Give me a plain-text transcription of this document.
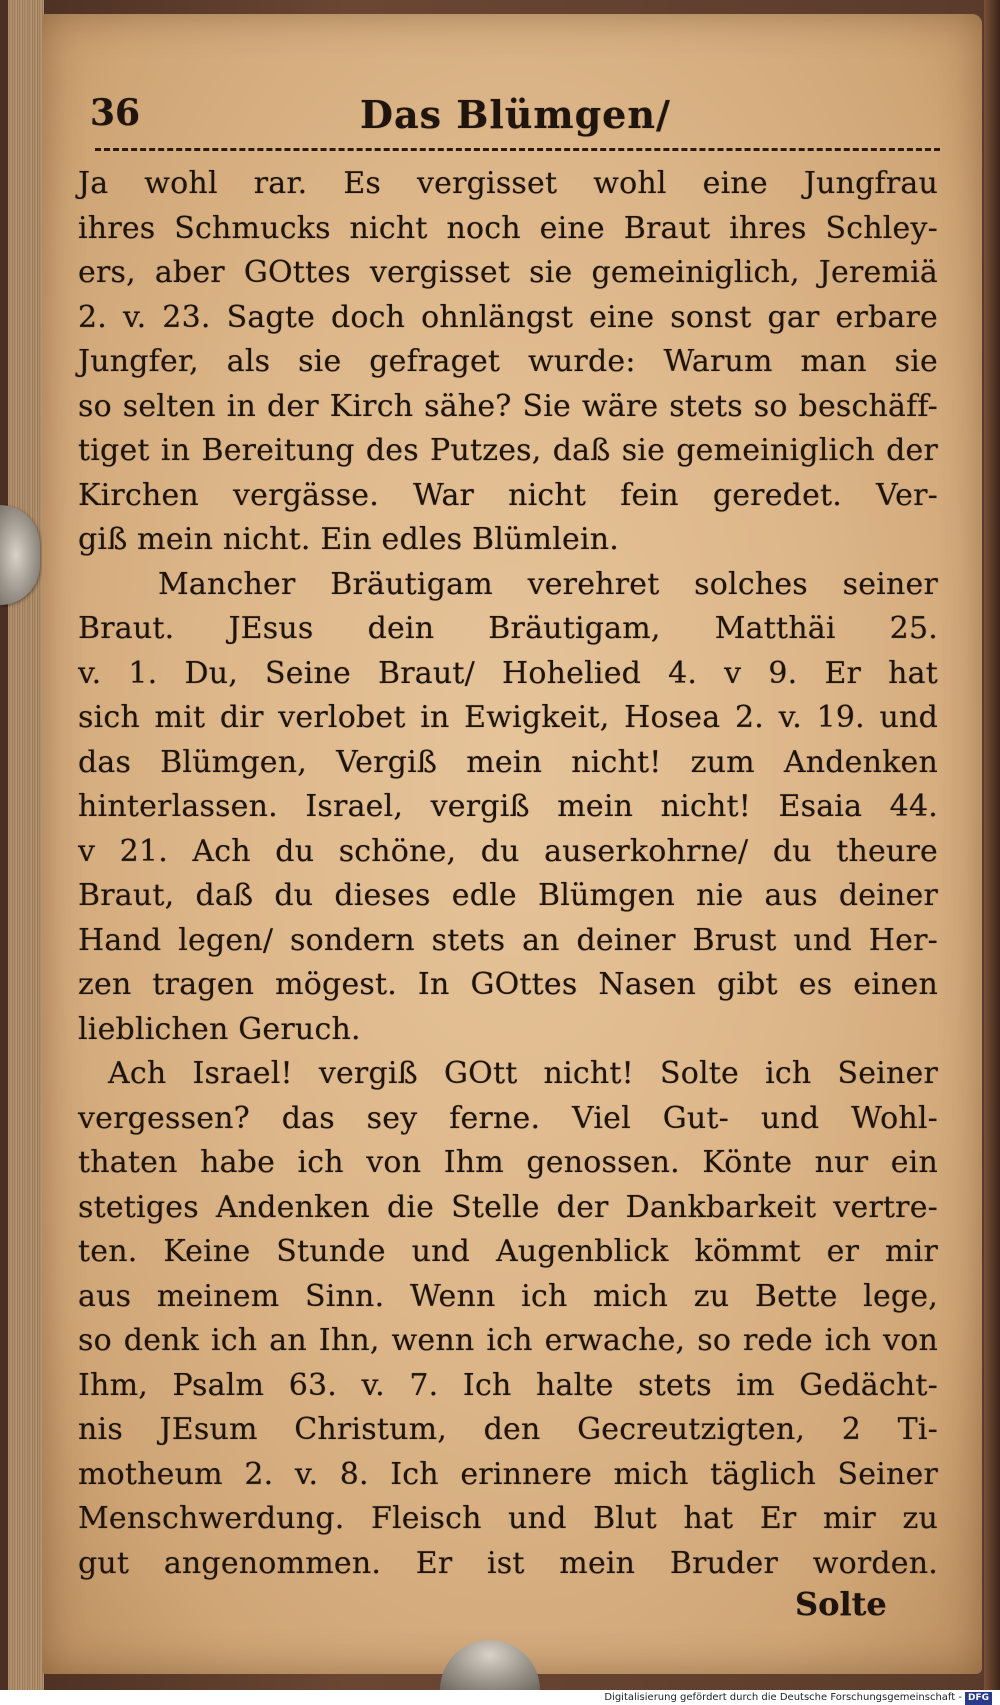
36	Das Blümgen/
Ja wohl rar. Es vergisset wohl eine Jungfrau
ihres Schmucks nicht noch eine Braut ihres Schley-
ers, aber GOttes vergisset sie gemeiniglich, Jeremiä
2. v. 23. Sagte doch ohnlängst eine sonst gar erbare
Jungfer, als sie gefraget wurde: Warum man sie
so selten in der Kirch sähe? Sie wäre stets so beschäff-
tiget in Bereitung des Putzes, daß sie gemeiniglich der
Kirchen vergässe. War nicht fein geredet. Ver-
giß mein nicht. Ein edles Blümlein.
Mancher Bräutigam verehret solches seiner
Braut. JEsus dein Bräutigam, Matthäi 25.
v. 1. Du, Seine Braut/ Hohelied 4. v 9. Er hat
sich mit dir verlobet in Ewigkeit, Hosea 2. v. 19. und
das Blümgen, Vergiß mein nicht! zum Andenken
hinterlassen. Israel, vergiß mein nicht! Esaia 44.
v 21. Ach du schöne, du auserkohrne/ du theure
Braut, daß du dieses edle Blümgen nie aus deiner
Hand legen/ sondern stets an deiner Brust und Her-
zen tragen mögest. In GOttes Nasen gibt es einen
lieblichen Geruch.
Ach Israel! vergiß GOtt nicht! Solte ich Seiner
vergessen? das sey ferne. Viel Gut- und Wohl-
thaten habe ich von Ihm genossen. Könte nur ein
stetiges Andenken die Stelle der Dankbarkeit vertre-
ten. Keine Stunde und Augenblick kömmt er mir
aus meinem Sinn. Wenn ich mich zu Bette lege,
so denk ich an Ihn, wenn ich erwache, so rede ich von
Ihm, Psalm 63. v. 7. Ich halte stets im Gedächt-
nis JEsum Christum, den Gecreutzigten, 2 Ti-
motheum 2. v. 8. Ich erinnere mich täglich Seiner
Menschwerdung. Fleisch und Blut hat Er mir zu
gut angenommen. Er ist mein Bruder worden.
Solte
Digitalisierung gefördert durch die Deutsche Forschungsgemeinschaft - DFG
